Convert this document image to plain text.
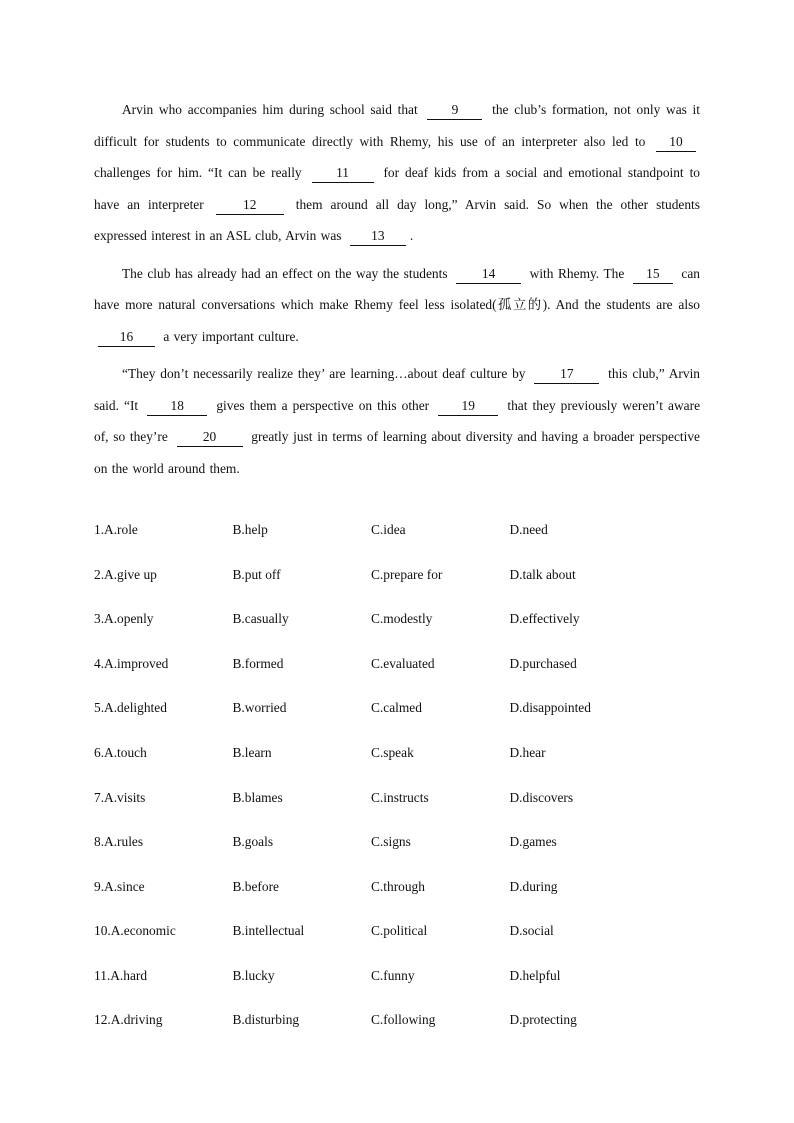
Arvin who accompanies him during school said that	9	the club’s formation, not only was it difficult for students to communicate directly with Rhemy, his use of an interpreter also led to 10 challenges for him. “It can be really	11	for deaf kids from a social and emotional standpoint to have an interpreter	12	them around all day long,” Arvin said. So when the other students expressed interest in an ASL club, Arvin was 13 .

The club has already had an effect on the way the students	14	with Rhemy. The 15 can have more natural conversations which make Rhemy feel less isolated(孤立的). And the students are also 16 a very important culture.

“They don’t necessarily realize they’ are learning…about deaf culture by	17	this club,” Arvin said. “It 18 gives them a perspective on this other 19 that they previously weren’t aware of, so they’re	20	greatly just in terms of learning about diversity and having a broader perspective on the world around them.

1.A.role	B.help	C.idea	D.need
2.A.give up	B.put off	C.prepare for	D.talk about
3.A.openly	B.casually	C.modestly	D.effectively
4.A.improved	B.formed	C.evaluated	D.purchased
5.A.delighted	B.worried	C.calmed	D.disappointed
6.A.touch	B.learn	C.speak	D.hear
7.A.visits	B.blames	C.instructs	D.discovers
8.A.rules	B.goals	C.signs	D.games
9.A.since	B.before	C.through	D.during
10.A.economic	B.intellectual	C.political	D.social
11.A.hard	B.lucky	C.funny	D.helpful
12.A.driving	B.disturbing	C.following	D.protecting
